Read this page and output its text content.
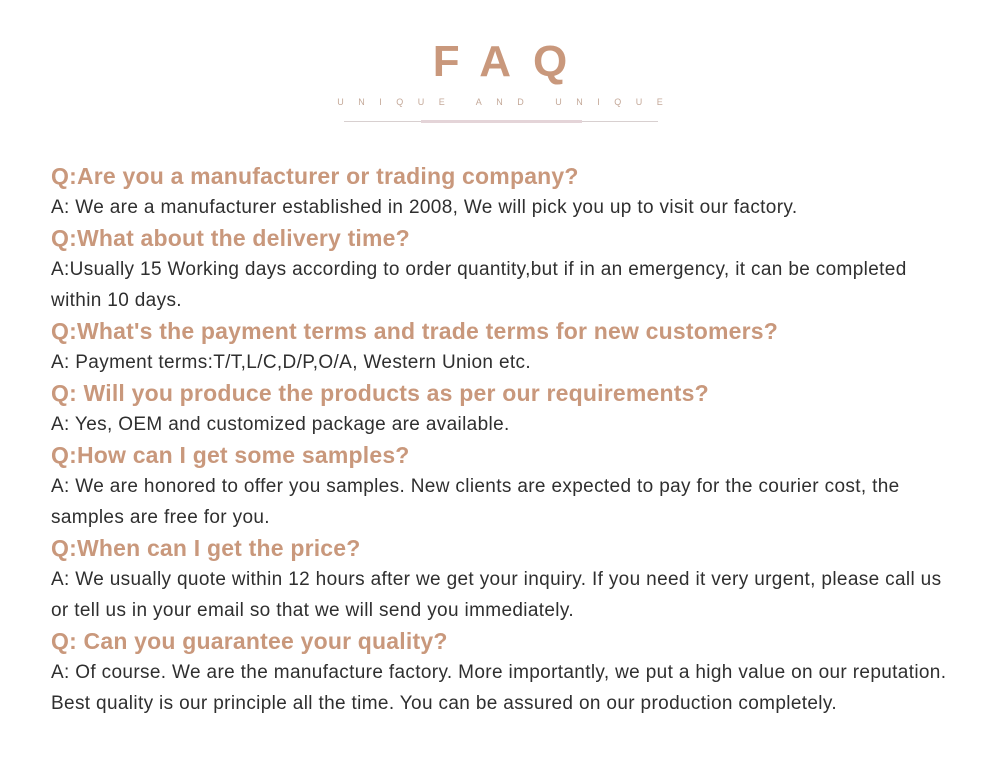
FAQ
UNIQUE AND UNIQUE
Q:Are you a manufacturer or trading company?
A: We are a manufacturer established in 2008, We will pick you up to visit our factory.
Q:What about the delivery time?
A:Usually 15 Working days according to order quantity,but if in an emergency, it can be completed within 10 days.
Q:What's the payment terms and trade terms for new customers?
A: Payment terms:T/T,L/C,D/P,O/A, Western Union etc.
Q: Will you produce the products as per our requirements?
A: Yes, OEM and customized package are available.
Q:How can I get some samples?
A: We are honored to offer you samples. New clients are expected to pay for the courier cost, the samples are free for you.
Q:When can I get the price?
A: We usually quote within 12 hours after we get your inquiry. If you need it very urgent, please call us or tell us in your email so that we will send you immediately.
Q: Can you guarantee your quality?
A: Of course. We are the manufacture factory. More importantly, we put a high value on our reputation. Best quality is our principle all the time. You can be assured on our production completely.
